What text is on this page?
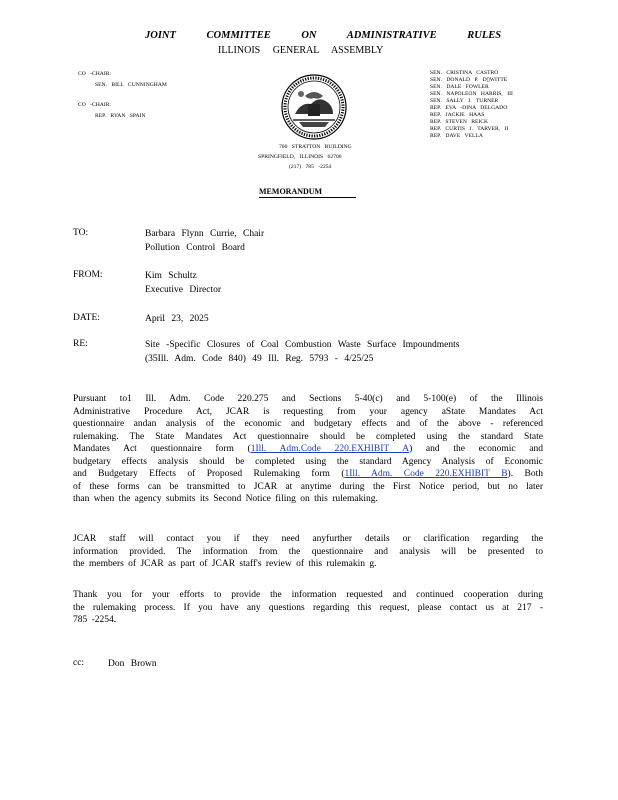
JOINT COMMITTEE ON ADMINISTRATIVE RULES
ILLINOIS GENERAL ASSEMBLY
CO -CHAIR:
SEN. BILL CUNNINGHAM
CO -CHAIR:
REP. RYAN SPAIN
SEN. CRISTINA CASTRO
SEN. DONALD P. D▯WITTE
SEN. DALE FOWLER
SEN. NAPOLEON HARRIS, III
SEN. SALLY J. TURNER
REP. EVA -DINA DELGADO
REP. JACKIE HAAS
REP. STEVEN REICK
REP. CURTIS J. TARVER, II
REP. DAVE VELLA
700 STRATTON BUILDING
SPRINGFIELD, ILLINOIS 62706
(217) 785 -2254
MEMORANDUM
TO:	Barbara Flynn Currie, Chair
Pollution Control Board
FROM:	Kim Schultz
Executive Director
DATE:	April 23, 2025
RE:	Site -Specific Closures of Coal Combustion Waste Surface Impoundments
(35Ill. Adm. Code 840) 49 Ill. Reg. 5793 - 4/25/25
Pursuant to1 Ill. Adm. Code 220.275 and Sections 5-40(c) and 5-100(e) of the Illinois
Administrative Procedure Act, JCAR is requesting from your agency aState Mandates Act
questionnaire andan analysis of the economic and budgetary effects and of the above - referenced
rulemaking. The State Mandates Act questionnaire should be completed using the standard State
Mandates Act questionnaire form (1Ill. Adm.Code 220.EXHIBIT A) and the economic and
budgetary effects analysis should be completed using the standard Agency Analysis of Economic
and Budgetary Effects of Proposed Rulemaking form (1Ill. Adm. Code 220.EXHIBIT B). Both
of these forms can be transmitted to JCAR at anytime during the First Notice period, but no later
than when the agency submits its Second Notice filing on this rulemaking.
JCAR staff will contact you if they need anyfurther details or clarification regarding the
information provided. The information from the questionnaire and analysis will be presented to
the members of JCAR as part of JCAR staff's review of this rulemakin g.
Thank you for your efforts to provide the information requested and continued cooperation during
the rulemaking process. If you have any questions regarding this request, please contact us at 217 -
785 -2254.
cc:	Don Brown
